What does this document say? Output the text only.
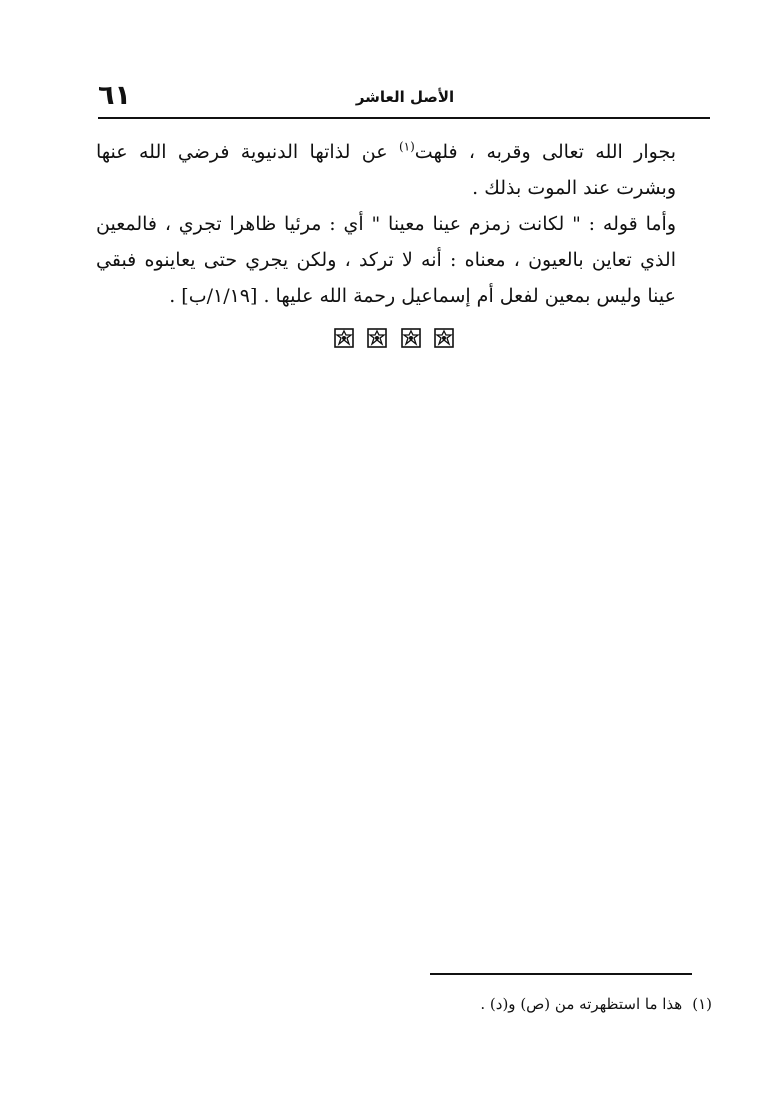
٦١	الأصل العاشر

بجوار الله تعالى وقربه ، فلهت$^{(١)}$ عن لذاتها الدنيوية فرضي الله عنها وبشرت عند الموت بذلك .

وأما قوله : " لكانت زمزم عينا معينا " أي : مرئيا ظاهرا تجري ، فالمعين الذي تعاين بالعيون ، معناه : أنه لا تركد ، ولكن يجري حتى يعاينوه فبقي عينا وليس بمعين لفعل أم إسماعيل رحمة الله عليها . [١/١٩/ب] .

(١)هذا ما استظهرته من (ص) و(د) .
